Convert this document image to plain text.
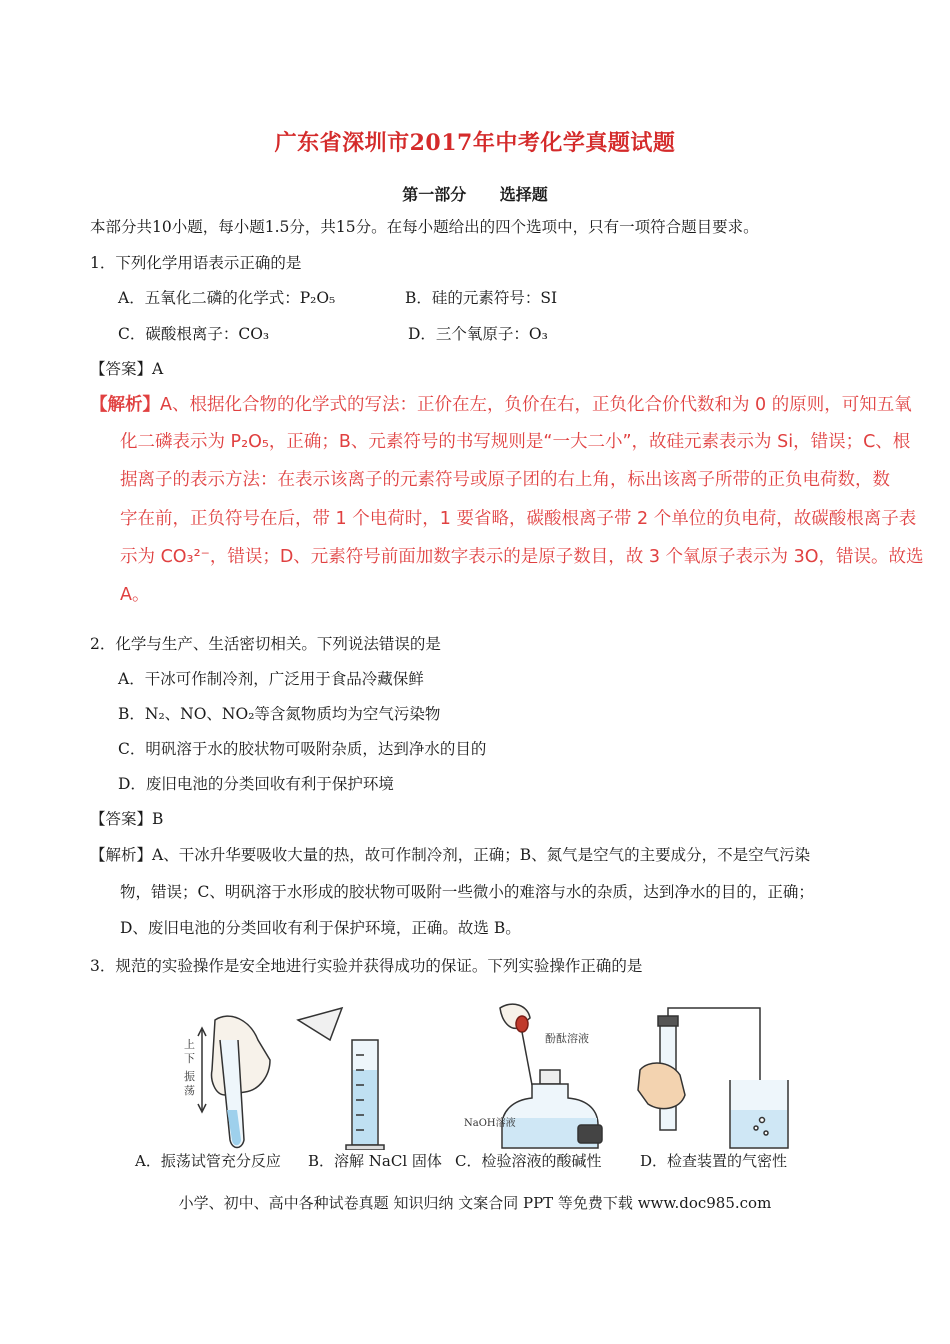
广东省深圳市2017年中考化学真题试题
第一部分 选择题
本部分共10小题，每小题1.5分，共15分。在每小题给出的四个选项中，只有一项符合题目要求。
1．下列化学用语表示正确的是
A．五氧化二磷的化学式：P₂O₅	B．硅的元素符号：SI
C．碳酸根离子：CO₃	D．三个氧原子：O₃
【答案】A
【解析】A、根据化合物的化学式的写法：正价在左，负价在右，正负化合价代数和为 0 的原则，可知五氧
化二磷表示为 P₂O₅，正确；B、元素符号的书写规则是“一大二小”，故硅元素表示为 Si，错误；C、根
据离子的表示方法：在表示该离子的元素符号或原子团的右上角，标出该离子所带的正负电荷数，数
字在前，正负符号在后，带 1 个电荷时，1 要省略，碳酸根离子带 2 个单位的负电荷，故碳酸根离子表
示为 CO₃²⁻，错误；D、元素符号前面加数字表示的是原子数目，故 3 个氧原子表示为 3O，错误。故选
A。
2．化学与生产、生活密切相关。下列说法错误的是
A．干冰可作制冷剂，广泛用于食品冷藏保鲜
B．N₂、NO、NO₂等含氮物质均为空气污染物
C．明矾溶于水的胶状物可吸附杂质，达到净水的目的
D．废旧电池的分类回收有利于保护环境
【答案】B
【解析】A、干冰升华要吸收大量的热，故可作制冷剂，正确；B、氮气是空气的主要成分，不是空气污染
物，错误；C、明矾溶于水形成的胶状物可吸附一些微小的难溶与水的杂质，达到净水的目的，正确；
D、废旧电池的分类回收有利于保护环境，正确。故选 B。
3．规范的实验操作是安全地进行实验并获得成功的保证。下列实验操作正确的是
上
下
振
荡
酚酞溶液
NaOH溶液
A．振荡试管充分反应 B．溶解 NaCl 固体 C．检验溶液的酸碱性	D．检查装置的气密性
小学、初中、高中各种试卷真题 知识归纳 文案合同 PPT 等免费下载 www.doc985.com
